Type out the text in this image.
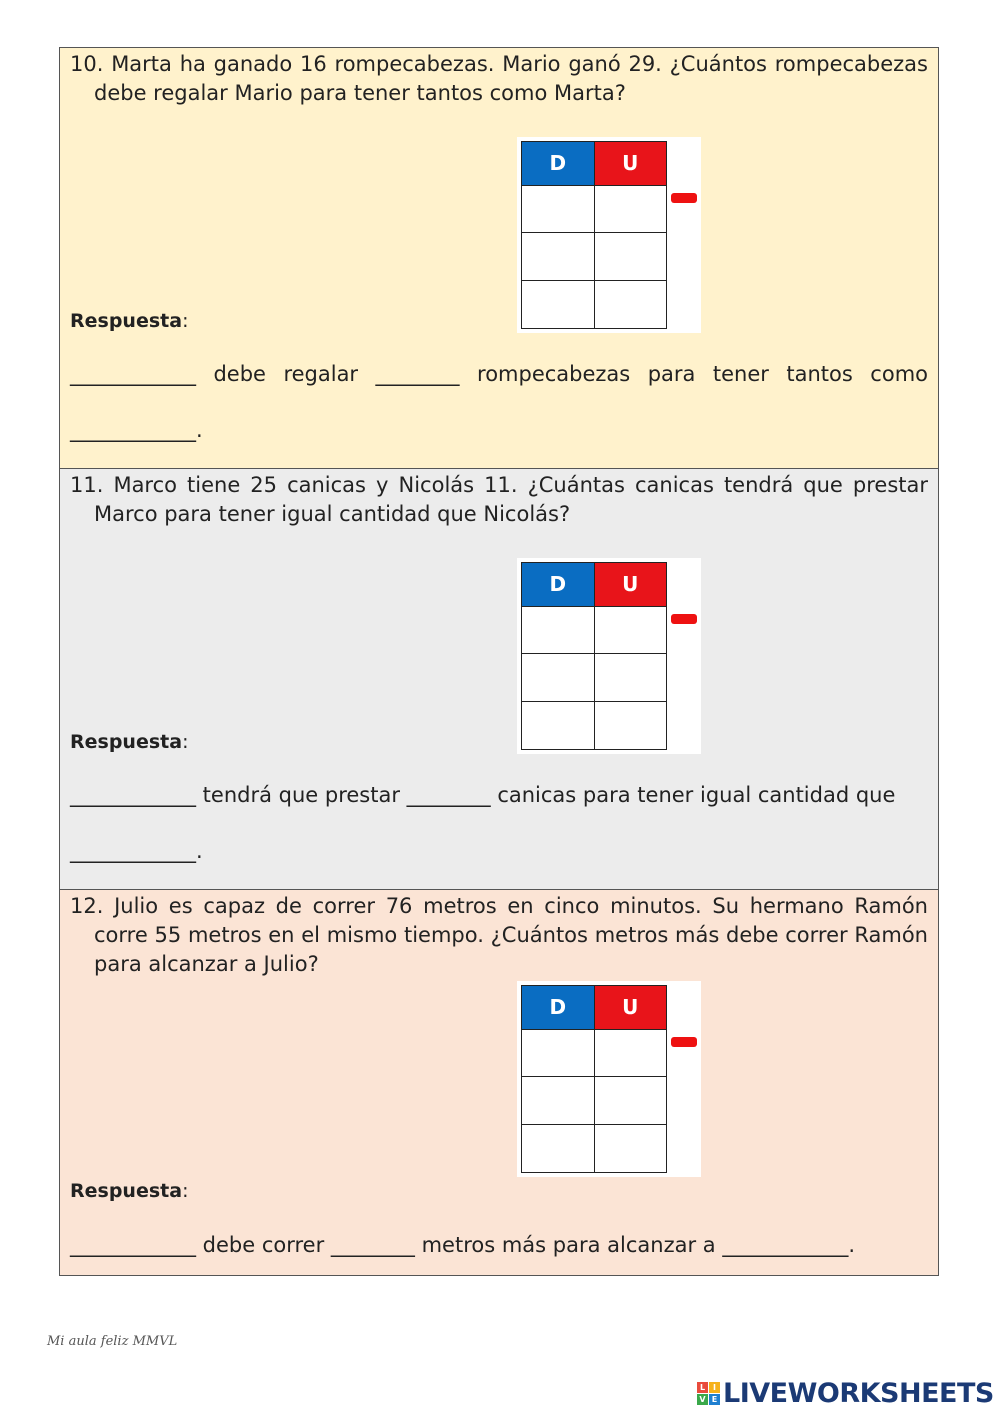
10. Marta ha ganado 16 rompecabezas. Mario ganó 29. ¿Cuántos rompecabezas debe regalar Mario para tener tantos como Marta?

D	U

Respuesta:

____________ debe regalar ________ rompecabezas para tener tantos como

____________.

11. Marco tiene 25 canicas y Nicolás 11. ¿Cuántas canicas tendrá que prestar Marco para tener igual cantidad que Nicolás?

D	U

Respuesta:

____________ tendrá que prestar ________ canicas para tener igual cantidad que

____________.

12. Julio es capaz de correr 76 metros en cinco minutos. Su hermano Ramón corre 55 metros en el mismo tiempo. ¿Cuántos metros más debe correr Ramón para alcanzar a Julio?

D	U

Respuesta:

____________ debe correr ________ metros más para alcanzar a ____________.

Mi aula feliz MMVL
L I
V E LIVEWORKSHEETS
